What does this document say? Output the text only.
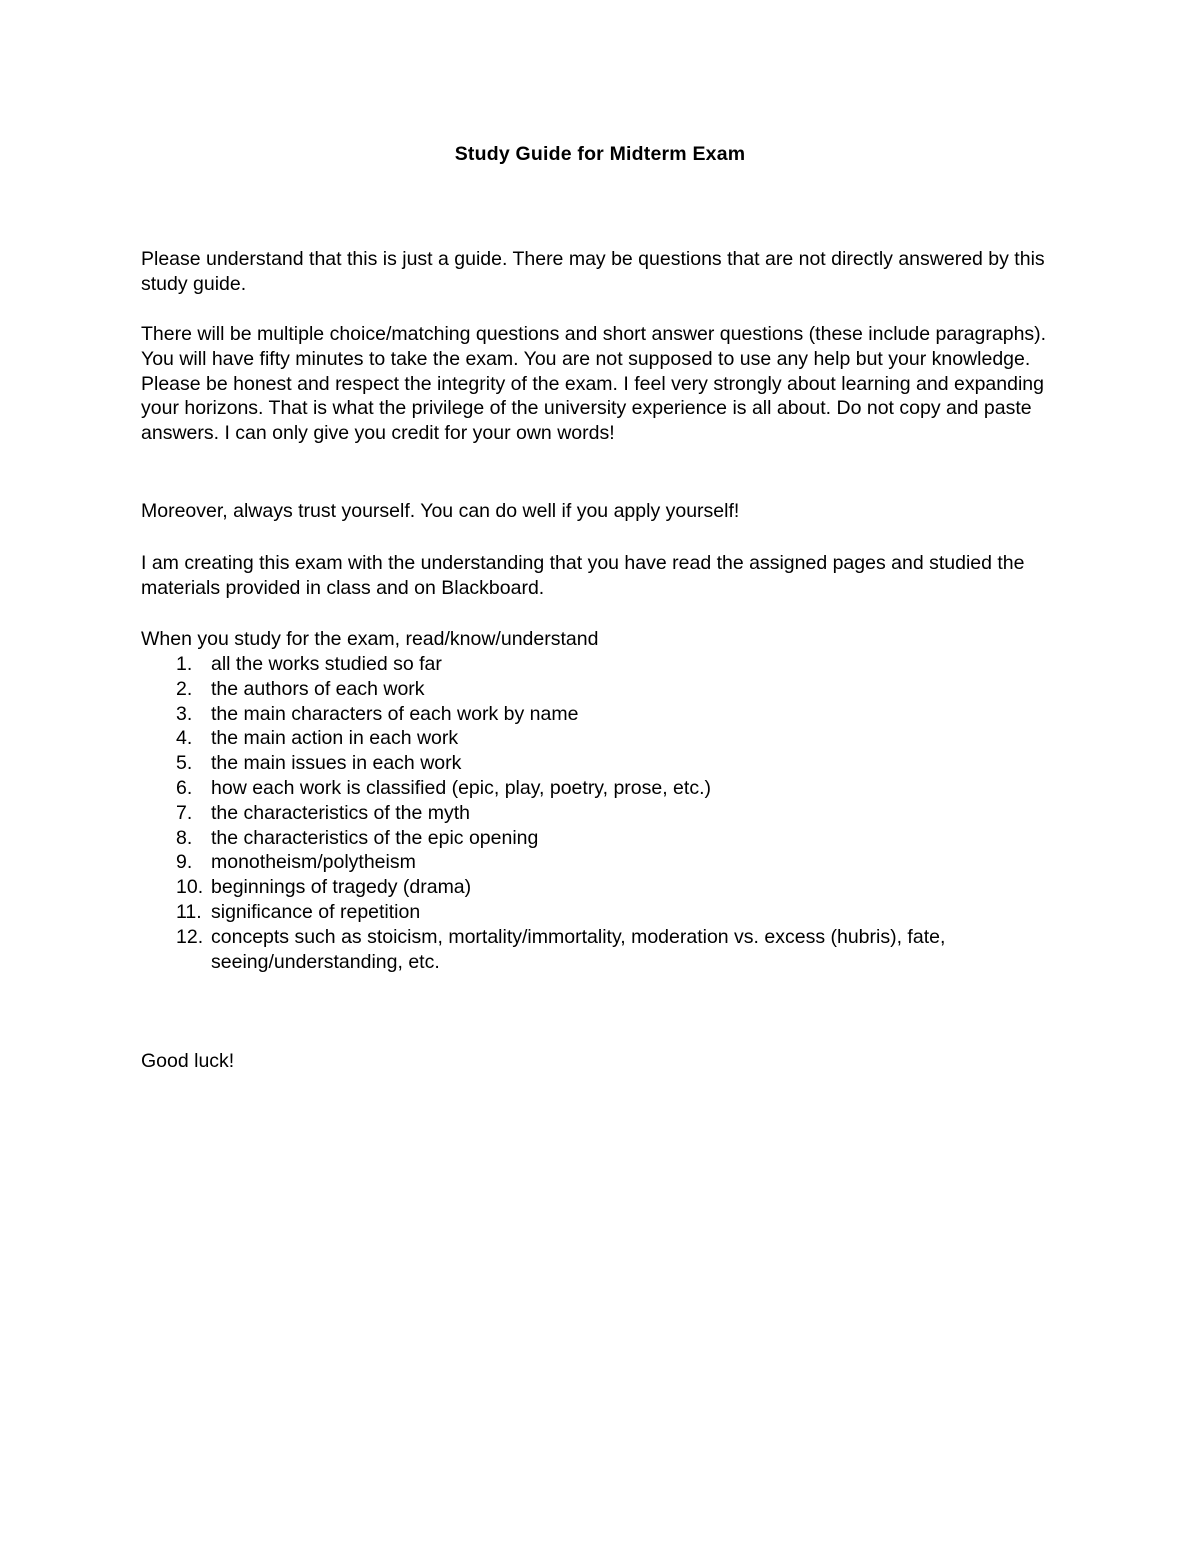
Study Guide for Midterm Exam

Please understand that this is just a guide. There may be questions that are not directly answered by this study guide.

There will be multiple choice/matching questions and short answer questions (these include paragraphs). You will have fifty minutes to take the exam. You are not supposed to use any help but your knowledge. Please be honest and respect the integrity of the exam. I feel very strongly about learning and expanding your horizons. That is what the privilege of the university experience is all about. Do not copy and paste answers. I can only give you credit for your own words!

Moreover, always trust yourself. You can do well if you apply yourself!

I am creating this exam with the understanding that you have read the assigned pages and studied the materials provided in class and on Blackboard.

When you study for the exam, read/know/understand

1. all the works studied so far
2. the authors of each work
3. the main characters of each work by name
4. the main action in each work
5. the main issues in each work
6. how each work is classified (epic, play, poetry, prose, etc.)
7. the characteristics of the myth
8. the characteristics of the epic opening
9. monotheism/polytheism
10. beginnings of tragedy (drama)
11. significance of repetition
12. concepts such as stoicism, mortality/immortality, moderation vs. excess (hubris), fate, seeing/understanding, etc.
Good luck!
